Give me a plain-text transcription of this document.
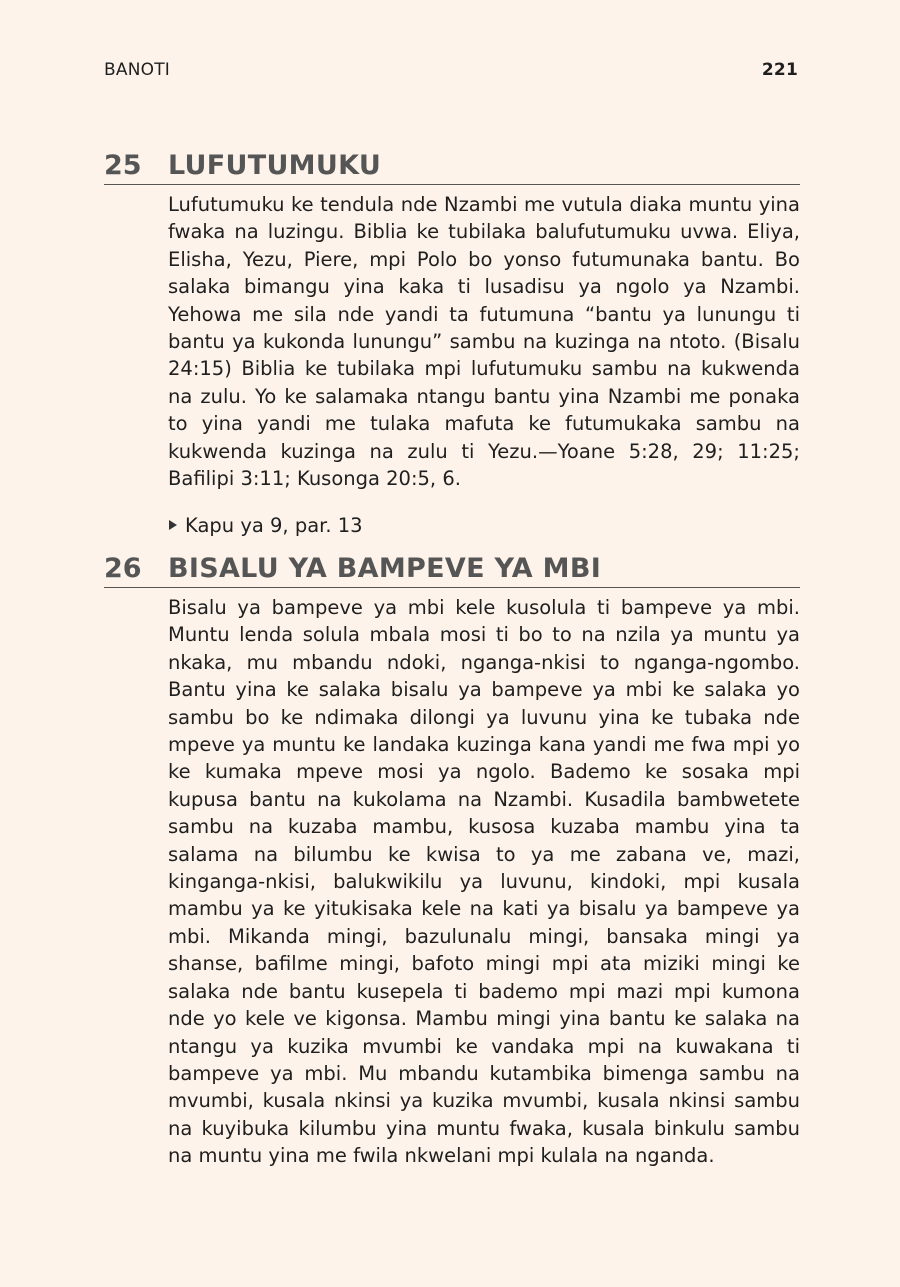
BANOTI	221
25 LUFUTUMUKU

Lufutumuku ke tendula nde Nzambi me vutula diaka muntu yina fwaka na luzingu. Biblia ke tubilaka balufutumuku uvwa. Eliya, Elisha, Yezu, Piere, mpi Polo bo yonso futumunaka bantu. Bo salaka bimangu yina kaka ti lusadisu ya ngolo ya Nzambi. Yehowa me sila nde yandi ta futumuna “bantu ya lunungu ti bantu ya kukonda lunungu” sambu na kuzinga na ntoto. (Bisalu 24:15) Biblia ke tubilaka mpi lufutumuku sambu na kukwenda na zulu. Yo ke salamaka ntangu bantu yina Nzambi me ponaka to yina yandi me tulaka mafuta ke futumukaka sambu na kukwenda kuzinga na zulu ti Yezu.—Yoane 5:28, 29; 11:25; Bafilipi 3:11; Kusonga 20:5, 6.

Kapu ya 9, par. 13
26 BISALU YA BAMPEVE YA MBI

Bisalu ya bampeve ya mbi kele kusolula ti bampeve ya mbi. Muntu lenda solula mbala mosi ti bo to na nzila ya muntu ya nkaka, mu mbandu ndoki, nganga-nkisi to nganga-ngombo. Bantu yina ke salaka bisalu ya bampeve ya mbi ke salaka yo sambu bo ke ndimaka dilongi ya luvunu yina ke tubaka nde mpeve ya muntu ke landaka kuzinga kana yandi me fwa mpi yo ke kumaka mpeve mosi ya ngolo. Bademo ke sosaka mpi kupusa bantu na kukolama na Nzambi. Kusadila bambwetete sambu na kuzaba mambu, kusosa kuzaba mambu yina ta salama na bilumbu ke kwisa to ya me zabana ve, mazi, kinganga-nkisi, balukwikilu ya luvunu, kindoki, mpi kusala mambu ya ke yitukisaka kele na kati ya bisalu ya bampeve ya mbi. Mikanda mingi, bazulunalu mingi, bansaka mingi ya shanse, bafilme mingi, bafoto mingi mpi ata miziki mingi ke salaka nde bantu kusepela ti bademo mpi mazi mpi kumona nde yo kele ve kigonsa. Mambu mingi yina bantu ke salaka na ntangu ya kuzika mvumbi ke vandaka mpi na kuwakana ti bampeve ya mbi. Mu mbandu kutambika bimenga sambu na mvumbi, kusala nkinsi ya kuzika mvumbi, kusala nkinsi sambu na kuyibuka kilumbu yina muntu fwaka, kusala binkulu sambu na muntu yina me fwila nkwelani mpi kulala na nganda.
